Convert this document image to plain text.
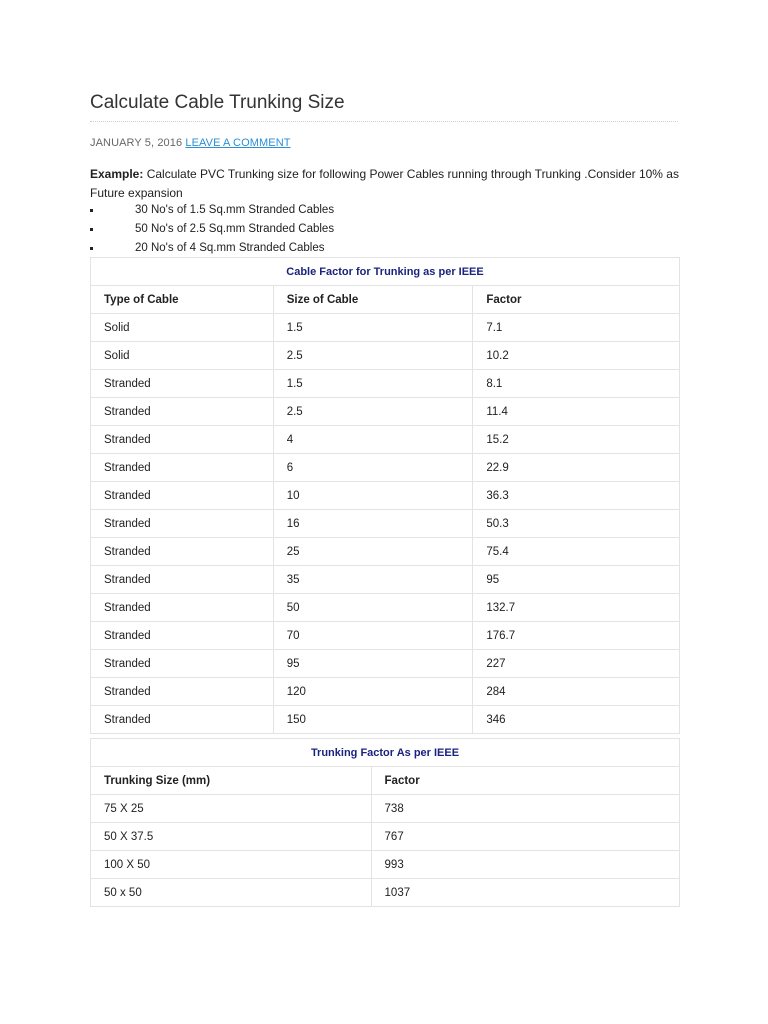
Calculate Cable Trunking Size
JANUARY 5, 2016 LEAVE A COMMENT
Example: Calculate PVC Trunking size for following Power Cables running through Trunking .Consider 10% as Future expansion
30 No's of 1.5 Sq.mm Stranded Cables
50 No's of 2.5 Sq.mm Stranded Cables
20 No's of 4 Sq.mm Stranded Cables
Cable Factor for Trunking as per IEEE		
Type of Cable	Size of Cable	Factor
Solid	1.5	7.1
Solid	2.5	10.2
Stranded	1.5	8.1
Stranded	2.5	11.4
Stranded	4	15.2
Stranded	6	22.9
Stranded	10	36.3
Stranded	16	50.3
Stranded	25	75.4
Stranded	35	95
Stranded	50	132.7
Stranded	70	176.7
Stranded	95	227
Stranded	120	284
Stranded	150	346
Trunking Factor As per IEEE	
Trunking Size (mm)	Factor
75 X 25	738
50 X 37.5	767
100 X 50	993
50 x 50	1037
